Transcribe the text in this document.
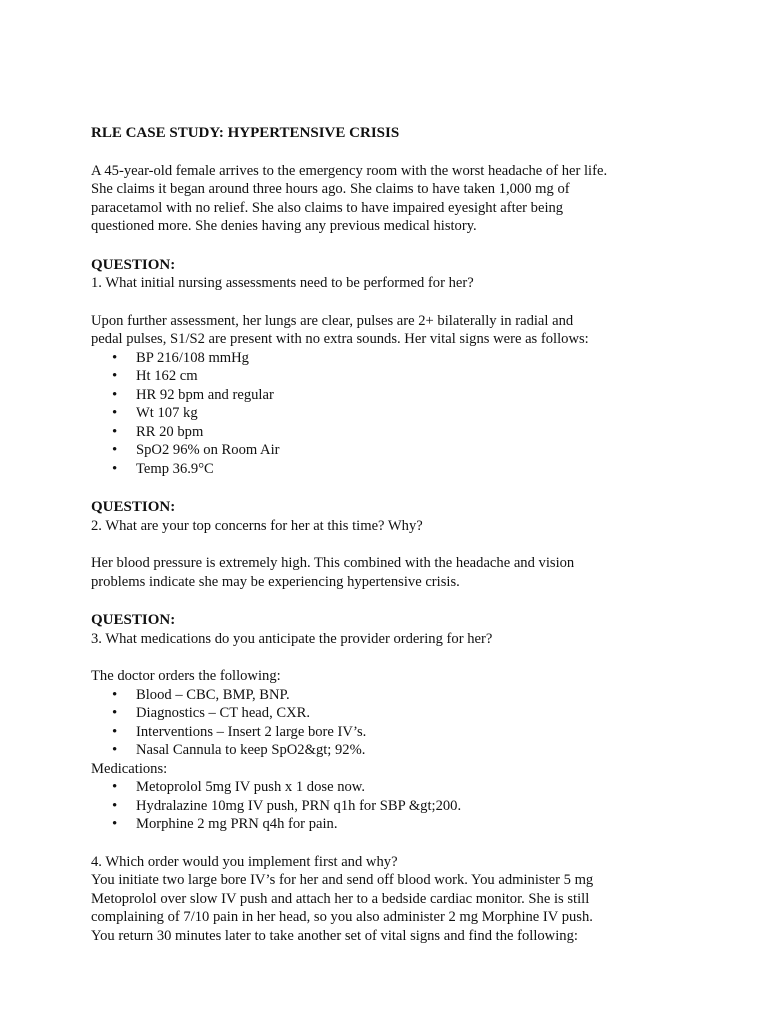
RLE CASE STUDY: HYPERTENSIVE CRISIS

A 45-year-old female arrives to the emergency room with the worst headache of her life.
She claims it began around three hours ago. She claims to have taken 1,000 mg of
paracetamol with no relief. She also claims to have impaired eyesight after being
questioned more. She denies having any previous medical history.

QUESTION:

1. What initial nursing assessments need to be performed for her?

Upon further assessment, her lungs are clear, pulses are 2+ bilaterally in radial and
pedal pulses, S1/S2 are present with no extra sounds. Her vital signs were as follows:

• BP 216/108 mmHg
• Ht 162 cm
• HR 92 bpm and regular
• Wt 107 kg
• RR 20 bpm
• SpO2 96% on Room Air
• Temp 36.9°C
QUESTION:

2. What are your top concerns for her at this time? Why?

Her blood pressure is extremely high. This combined with the headache and vision
problems indicate she may be experiencing hypertensive crisis.

QUESTION:

3. What medications do you anticipate the provider ordering for her?

The doctor orders the following:

• Blood – CBC, BMP, BNP.
• Diagnostics – CT head, CXR.
• Interventions – Insert 2 large bore IV’s.
• Nasal Cannula to keep SpO2&gt; 92%.

Medications:

• Metoprolol 5mg IV push x 1 dose now.
• Hydralazine 10mg IV push, PRN q1h for SBP &gt;200.
• Morphine 2 mg PRN q4h for pain.

4. Which order would you implement first and why?

You initiate two large bore IV’s for her and send off blood work. You administer 5 mg
Metoprolol over slow IV push and attach her to a bedside cardiac monitor. She is still
complaining of 7/10 pain in her head, so you also administer 2 mg Morphine IV push.
You return 30 minutes later to take another set of vital signs and find the following:
